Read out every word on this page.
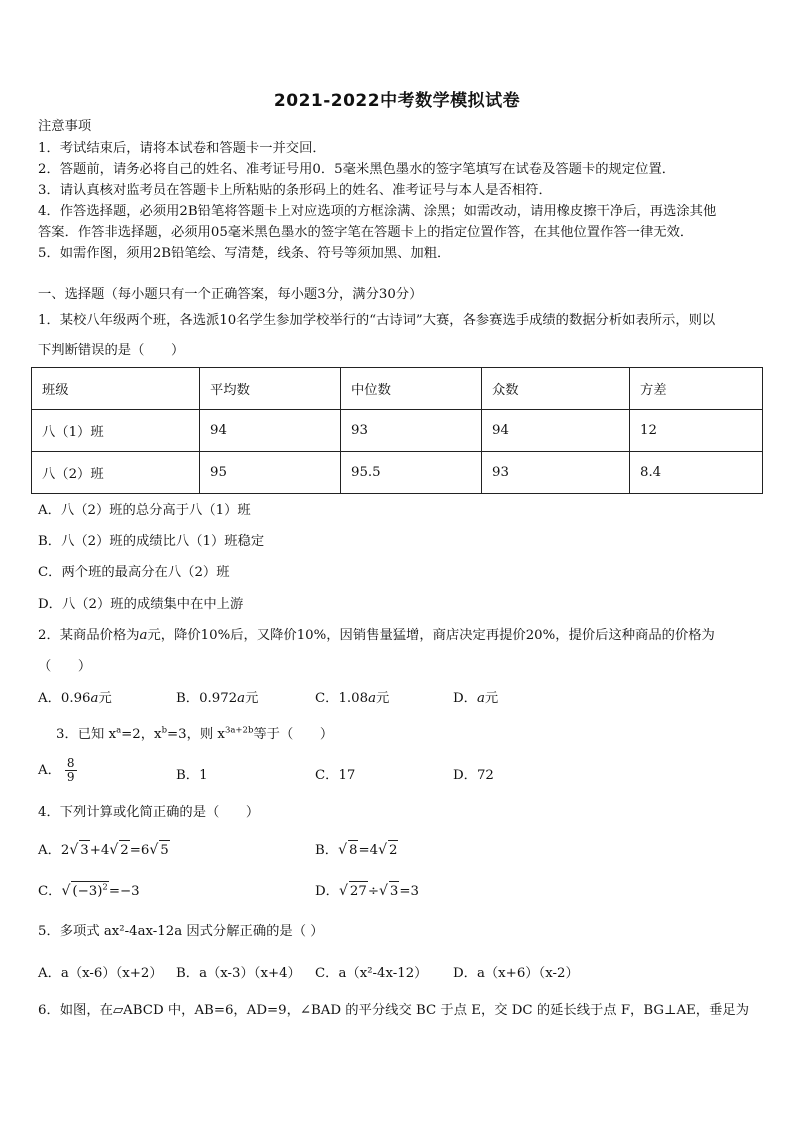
2021-2022中考数学模拟试卷
注意事项
1．考试结束后，请将本试卷和答题卡一并交回．
2．答题前，请务必将自己的姓名、准考证号用0．5毫米黑色墨水的签字笔填写在试卷及答题卡的规定位置．
3．请认真核对监考员在答题卡上所粘贴的条形码上的姓名、准考证号与本人是否相符．
4．作答选择题，必须用2B铅笔将答题卡上对应选项的方框涂满、涂黑；如需改动，请用橡皮擦干净后，再选涂其他
答案．作答非选择题，必须用05毫米黑色墨水的签字笔在答题卡上的指定位置作答，在其他位置作答一律无效．
5．如需作图，须用2B铅笔绘、写清楚，线条、符号等须加黑、加粗．
一、选择题（每小题只有一个正确答案，每小题3分，满分30分）
1．某校八年级两个班，各选派10名学生参加学校举行的“古诗词”大赛，各参赛选手成绩的数据分析如表所示，则以
下判断错误的是（　　）
班级	平均数	中位数	众数	方差
八（1）班	94	93	94	12
八（2）班	95	95.5	93	8.4
A．八（2）班的总分高于八（1）班
B．八（2）班的成绩比八（1）班稳定
C．两个班的最高分在八（2）班
D．八（2）班的成绩集中在中上游
2．某商品价格为a元，降价10%后，又降价10%，因销售量猛增，商店决定再提价20%，提价后这种商品的价格为
（　　）
A．0.96a元	B．0.972a元	C．1.08a元	D．a元
3．已知 $x^a=2$，$x^b=3$，则 $x^{3a+2b}$等于（　　）
A． $\frac{8}{9}$	B．1	C．17	D．72
4．下列计算或化简正确的是（　　）
A．2√ 3+4√ 2=6√ 5	B．√ 8=4√ 2
C．√ $(-3)^2=-3$	D．√ 27÷√ 3=3
5．多项式 ax²-4ax-12a 因式分解正确的是（ ）
A．a（x-6）（x+2） B．a（x-3）（x+4） C．a（x²-4x-12） D．a（x+6）（x-2）
6．如图，在▱ABCD 中，AB=6，AD=9，∠BAD 的平分线交 BC 于点 E，交 DC 的延长线于点 F，BG⊥AE，垂足为
